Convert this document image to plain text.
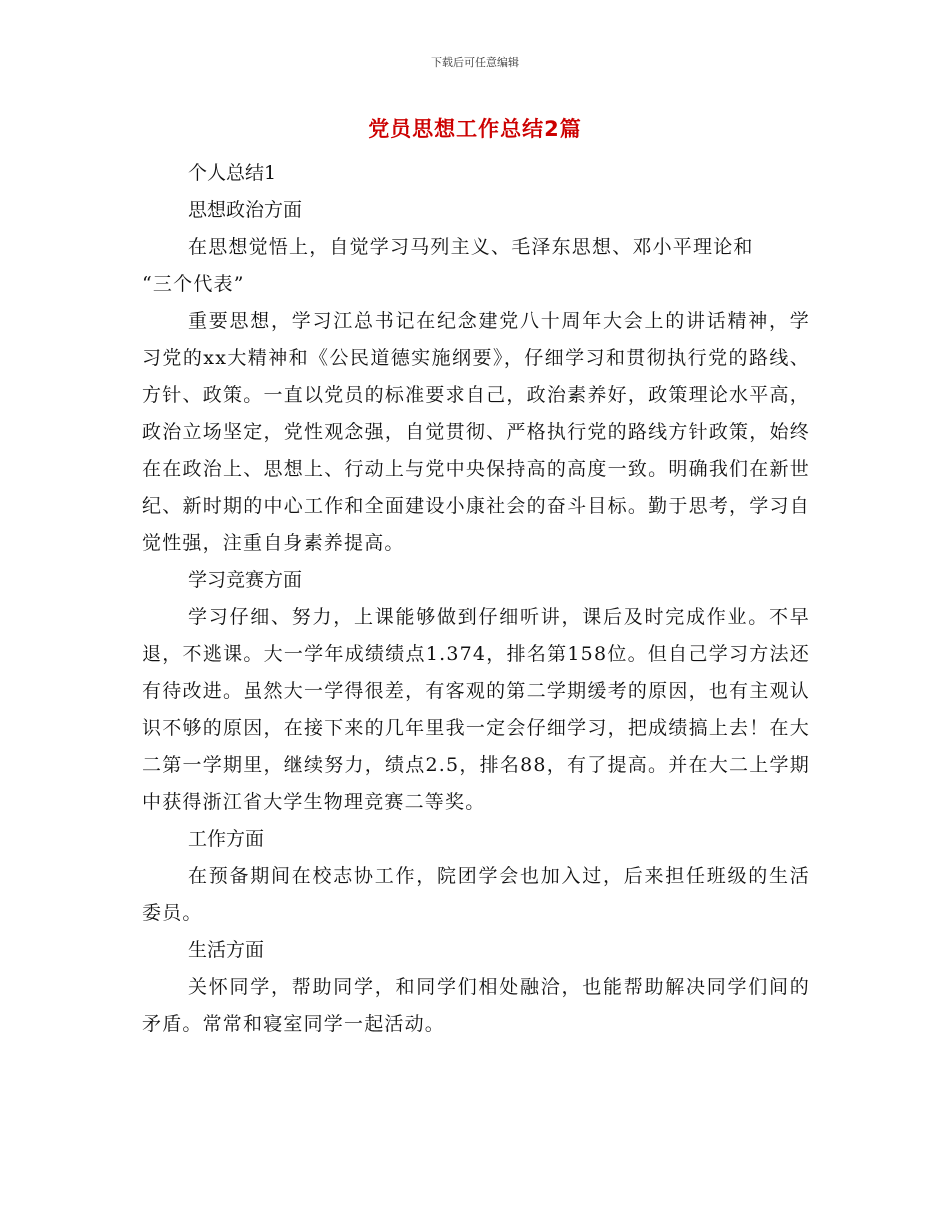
下载后可任意编辑
党员思想工作总结2篇

个人总结1

思想政治方面

在思想觉悟上，自觉学习马列主义、毛泽东思想、邓小平理论和
“三个代表”

重要思想，学习江总书记在纪念建党八十周年大会上的讲话精神，学习党的xx大精神和《公民道德实施纲要》，仔细学习和贯彻执行党的路线、方针、政策。一直以党员的标准要求自己，政治素养好，政策理论水平高，政治立场坚定，党性观念强，自觉贯彻、严格执行党的路线方针政策，始终在在政治上、思想上、行动上与党中央保持高的高度一致。明确我们在新世纪、新时期的中心工作和全面建设小康社会的奋斗目标。勤于思考，学习自觉性强，注重自身素养提高。

学习竞赛方面

学习仔细、努力，上课能够做到仔细听讲，课后及时完成作业。不早退，不逃课。大一学年成绩绩点1.374，排名第158位。但自己学习方法还有待改进。虽然大一学得很差，有客观的第二学期缓考的原因，也有主观认识不够的原因，在接下来的几年里我一定会仔细学习，把成绩搞上去！在大二第一学期里，继续努力，绩点2.5，排名88，有了提高。并在大二上学期中获得浙江省大学生物理竞赛二等奖。

工作方面

在预备期间在校志协工作，院团学会也加入过，后来担任班级的生活委员。

生活方面

关怀同学，帮助同学，和同学们相处融洽，也能帮助解决同学们间的矛盾。常常和寝室同学一起活动。
